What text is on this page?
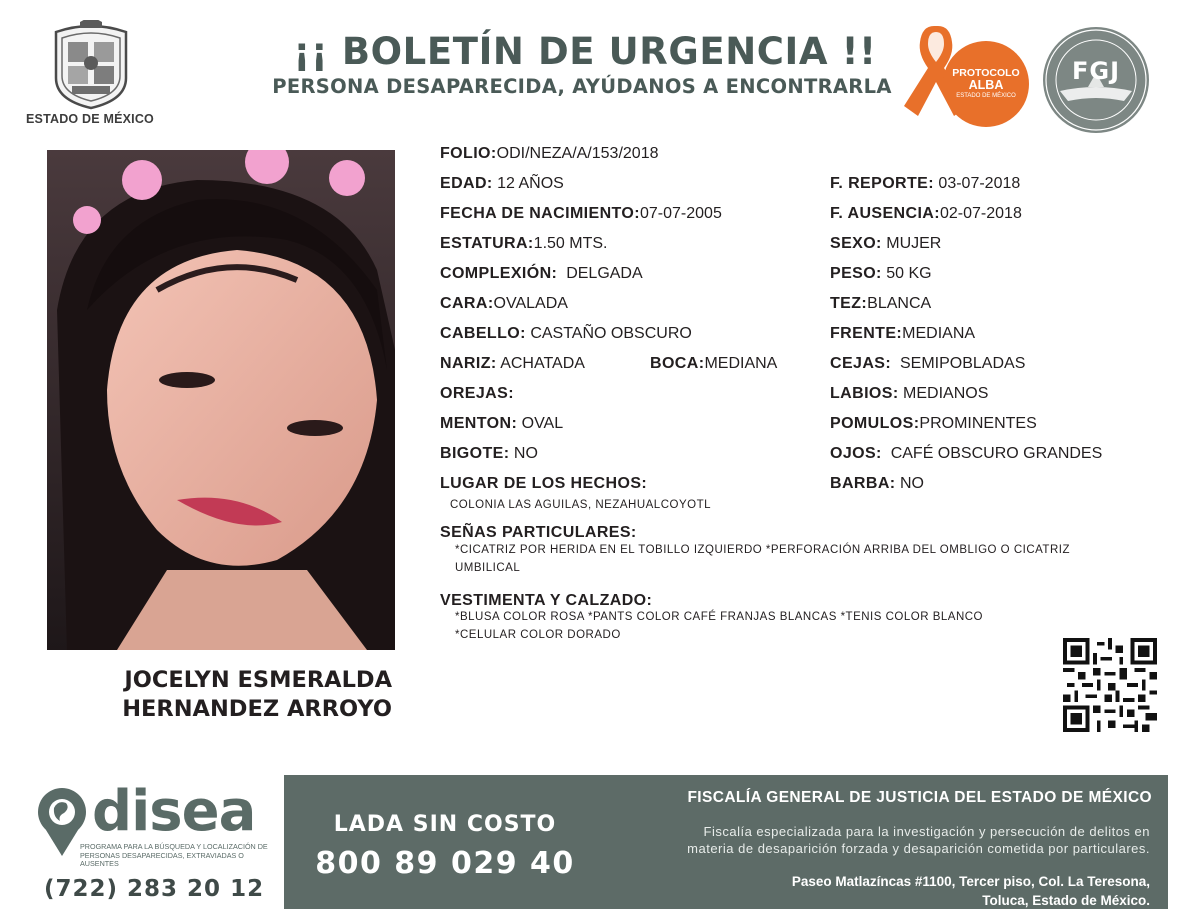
ESTADO DE MÉXICO
¡¡ BOLETÍN DE URGENCIA !!
PERSONA DESAPARECIDA, AYÚDANOS A ENCONTRARLA
PROTOCOLO
ALBA
ESTADO DE MÉXICO
FGJ
JOCELYN ESMERALDA
HERNANDEZ ARROYO
FOLIO:ODI/NEZA/A/153/2018
EDAD: 12 AÑOS
FECHA DE NACIMIENTO:07-07-2005
ESTATURA:1.50 MTS.
COMPLEXIÓN: DELGADA
CARA:OVALADA
CABELLO: CASTAÑO OBSCURO
NARIZ: ACHATADA	BOCA:MEDIANA
OREJAS:
MENTON: OVAL
BIGOTE: NO
LUGAR DE LOS HECHOS:
COLONIA LAS AGUILAS, NEZAHUALCOYOTL
F. REPORTE: 03-07-2018
F. AUSENCIA:02-07-2018
SEXO: MUJER
PESO: 50 KG
TEZ:BLANCA
FRENTE:MEDIANA
CEJAS: SEMIPOBLADAS
LABIOS: MEDIANOS
POMULOS:PROMINENTES
OJOS: CAFÉ OBSCURO GRANDES
BARBA: NO
SEÑAS PARTICULARES:
*CICATRIZ POR HERIDA EN EL TOBILLO IZQUIERDO *PERFORACIÓN ARRIBA DEL OMBLIGO O CICATRIZ
UMBILICAL
VESTIMENTA Y CALZADO:
*BLUSA COLOR ROSA *PANTS COLOR CAFÉ FRANJAS BLANCAS *TENIS COLOR BLANCO
*CELULAR COLOR DORADO
disea
PROGRAMA PARA LA BÚSQUEDA Y LOCALIZACIÓN DE PERSONAS DESAPARECIDAS, EXTRAVIADAS O AUSENTES
(722) 283 20 12
LADA SIN COSTO
800 89 029 40
FISCALÍA GENERAL DE JUSTICIA DEL ESTADO DE MÉXICO
Fiscalía especializada para la investigación y persecución de delitos en
materia de desaparición forzada y desaparición cometida por particulares.
Paseo Matlazíncas #1100, Tercer piso, Col. La Teresona,
Toluca, Estado de México.
